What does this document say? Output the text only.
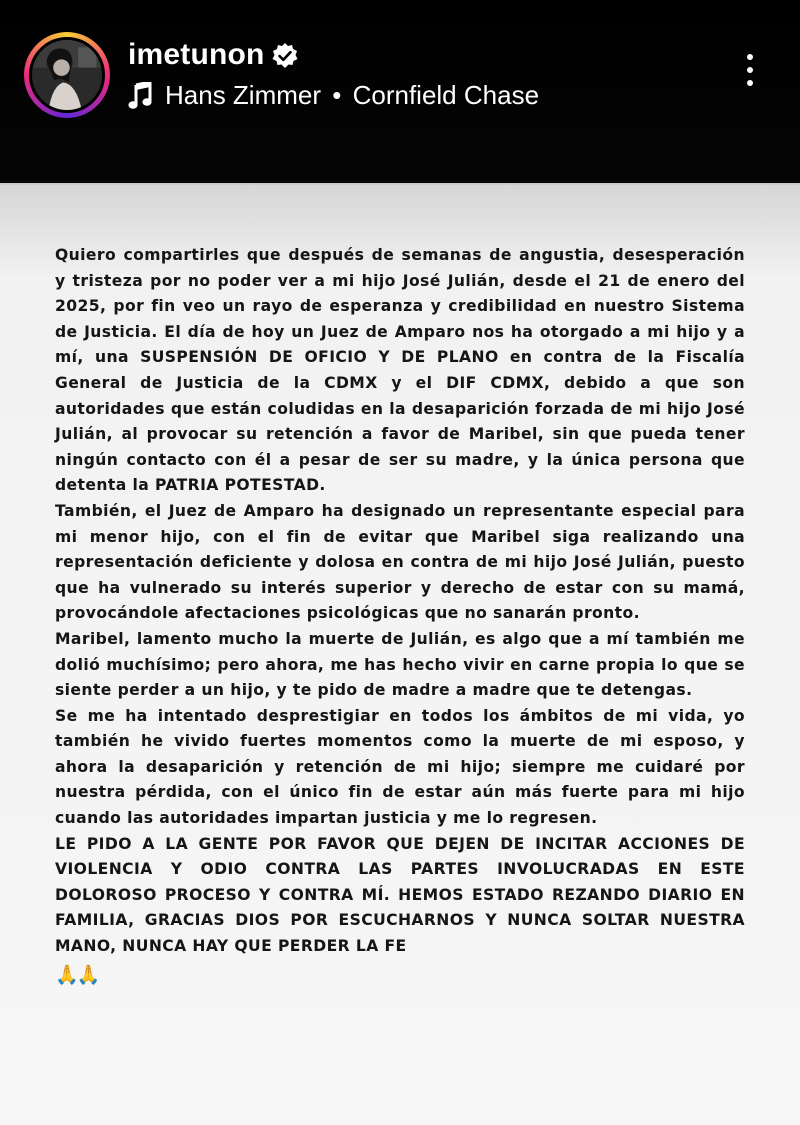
imetunon
Hans Zimmer • Cornfield Chase

Quiero compartirles que después de semanas de angustia, desesperación y tristeza por no poder ver a mi hijo José Julián, desde el 21 de enero del 2025, por fin veo un rayo de esperanza y credibilidad en nuestro Sistema de Justicia. El día de hoy un Juez de Amparo nos ha otorgado a mi hijo y a mí, una SUSPENSIÓN DE OFICIO Y DE PLANO en contra de la Fiscalía General de Justicia de la CDMX y el DIF CDMX, debido a que son autoridades que están coludidas en la desaparición forzada de mi hijo José Julián, al provocar su retención a favor de Maribel, sin que pueda tener ningún contacto con él a pesar de ser su madre, y la única persona que detenta la PATRIA POTESTAD.

También, el Juez de Amparo ha designado un representante especial para mi menor hijo, con el fin de evitar que Maribel siga realizando una representación deficiente y dolosa en contra de mi hijo José Julián, puesto que ha vulnerado su interés superior y derecho de estar con su mamá, provocándole afectaciones psicológicas que no sanarán pronto.

Maribel, lamento mucho la muerte de Julián, es algo que a mí también me dolió muchísimo; pero ahora, me has hecho vivir en carne propia lo que se siente perder a un hijo, y te pido de madre a madre que te detengas.

Se me ha intentado desprestigiar en todos los ámbitos de mi vida, yo también he vivido fuertes momentos como la muerte de mi esposo, y ahora la desaparición y retención de mi hijo; siempre me cuidaré por nuestra pérdida, con el único fin de estar aún más fuerte para mi hijo cuando las autoridades impartan justicia y me lo regresen.

LE PIDO A LA GENTE POR FAVOR QUE DEJEN DE INCITAR ACCIONES DE VIOLENCIA Y ODIO CONTRA LAS PARTES INVOLUCRADAS EN ESTE DOLOROSO PROCESO Y CONTRA MÍ. HEMOS ESTADO REZANDO DIARIO EN FAMILIA, GRACIAS DIOS POR ESCUCHARNOS Y NUNCA SOLTAR NUESTRA MANO, NUNCA HAY QUE PERDER LA FE

🙏🙏
